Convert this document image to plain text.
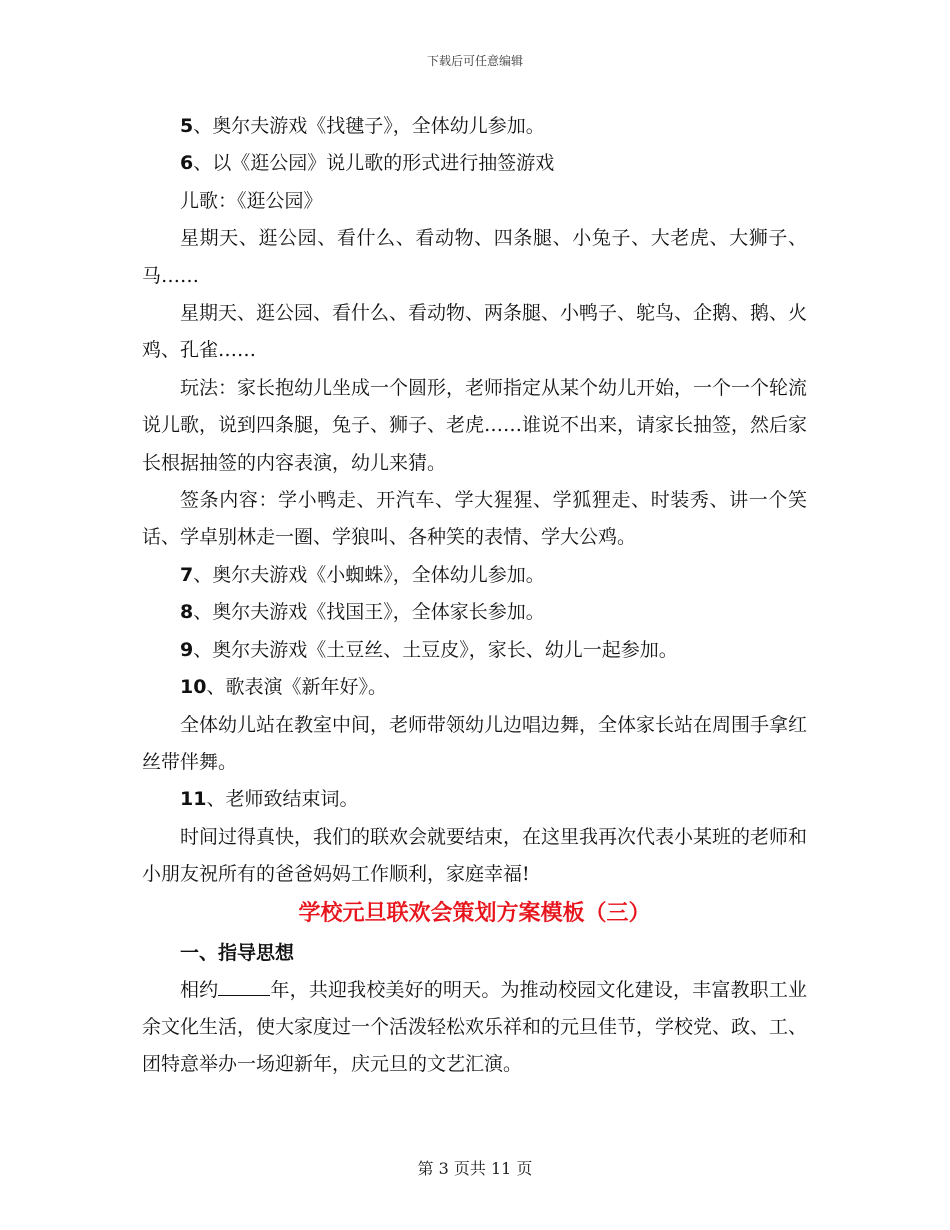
下载后可任意编辑

5、奥尔夫游戏《找毽子》，全体幼儿参加。

6、以《逛公园》说儿歌的形式进行抽签游戏

儿歌：《逛公园》

星期天、逛公园、看什么、看动物、四条腿、小兔子、大老虎、大狮子、马……

星期天、逛公园、看什么、看动物、两条腿、小鸭子、鸵鸟、企鹅、鹅、火鸡、孔雀……

玩法：家长抱幼儿坐成一个圆形，老师指定从某个幼儿开始，一个一个轮流说儿歌，说到四条腿，兔子、狮子、老虎……谁说不出来，请家长抽签，然后家长根据抽签的内容表演，幼儿来猜。

签条内容：学小鸭走、开汽车、学大猩猩、学狐狸走、时装秀、讲一个笑话、学卓别林走一圈、学狼叫、各种笑的表情、学大公鸡。

7、奥尔夫游戏《小蜘蛛》，全体幼儿参加。

8、奥尔夫游戏《找国王》，全体家长参加。

9、奥尔夫游戏《土豆丝、土豆皮》，家长、幼儿一起参加。

10、歌表演《新年好》。

全体幼儿站在教室中间，老师带领幼儿边唱边舞，全体家长站在周围手拿红丝带伴舞。

11、老师致结束词。

时间过得真快，我们的联欢会就要结束，在这里我再次代表小某班的老师和小朋友祝所有的爸爸妈妈工作顺利，家庭幸福!

学校元旦联欢会策划方案模板（三）
一、指导思想

相约	年，共迎我校美好的明天。为推动校园文化建设，丰富教职工业余文化生活，使大家度过一个活泼轻松欢乐祥和的元旦佳节，学校党、政、工、团特意举办一场迎新年，庆元旦的文艺汇演。

第 3 页共 11 页
